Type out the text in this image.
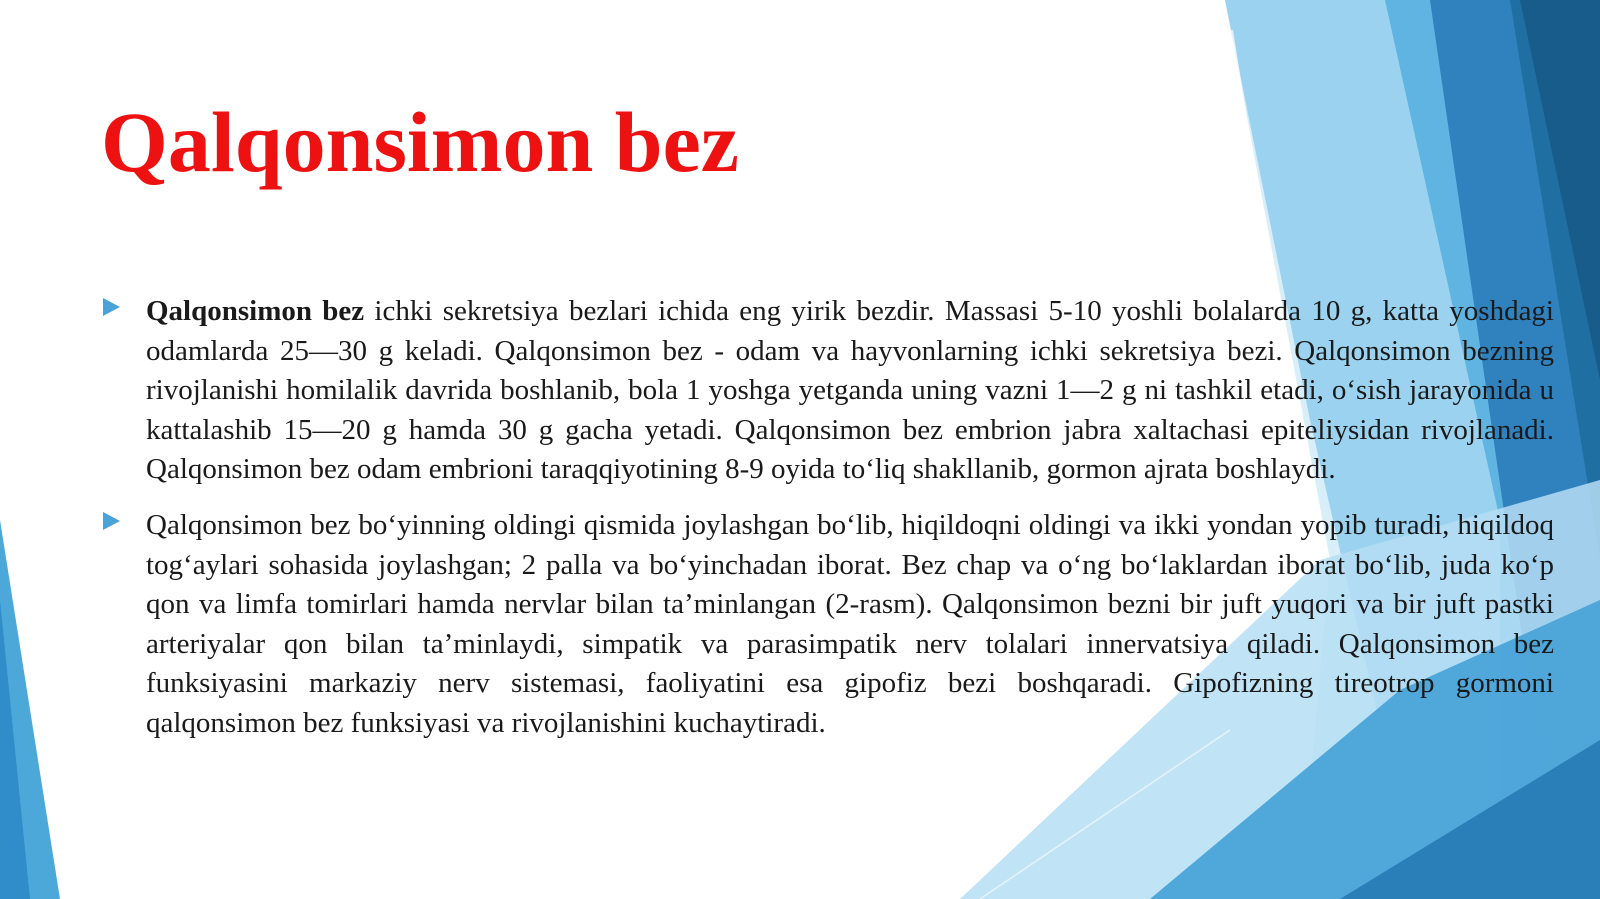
Qalqonsimon bez

Qalqonsimon bez ichki sekretsiya bezlari ichida eng yirik bezdir. Massasi 5-10 yoshli bolalarda 10 g, katta yoshdagi odamlarda 25—30 g keladi. Qalqonsimon bez - odam va hayvonlarning ichki sekretsiya bezi. Qalqonsimon bezning rivojlanishi homilalik davrida boshlanib, bola 1 yoshga yetganda uning vazni 1—2 g ni tashkil etadi, o‘sish jarayonida u kattalashib 15—20 g hamda 30 g gacha yetadi. Qalqonsimon bez embrion jabra xaltachasi epiteliysidan rivojlanadi. Qalqonsimon bez odam embrioni taraqqiyotining 8-9 oyida to‘liq shakllanib, gormon ajrata boshlaydi.

Qalqonsimon bez bo‘yinning oldingi qismida joylashgan bo‘lib, hiqildoqni oldingi va ikki yondan yopib turadi, hiqildoq tog‘aylari sohasida joylashgan; 2 palla va bo‘yinchadan iborat. Bez chap va o‘ng bo‘laklardan iborat bo‘lib, juda ko‘p qon va limfa tomirlari hamda nervlar bilan ta’minlangan (2-rasm). Qalqonsimon bezni bir juft yuqori va bir juft pastki arteriyalar qon bilan ta’minlaydi, simpatik va parasimpatik nerv tolalari innervatsiya qiladi. Qalqonsimon bez funksiyasini markaziy nerv sistemasi, faoliyatini esa gipofiz bezi boshqaradi. Gipofizning tireotrop gormoni qalqonsimon bez funksiyasi va rivojlanishini kuchaytiradi.
